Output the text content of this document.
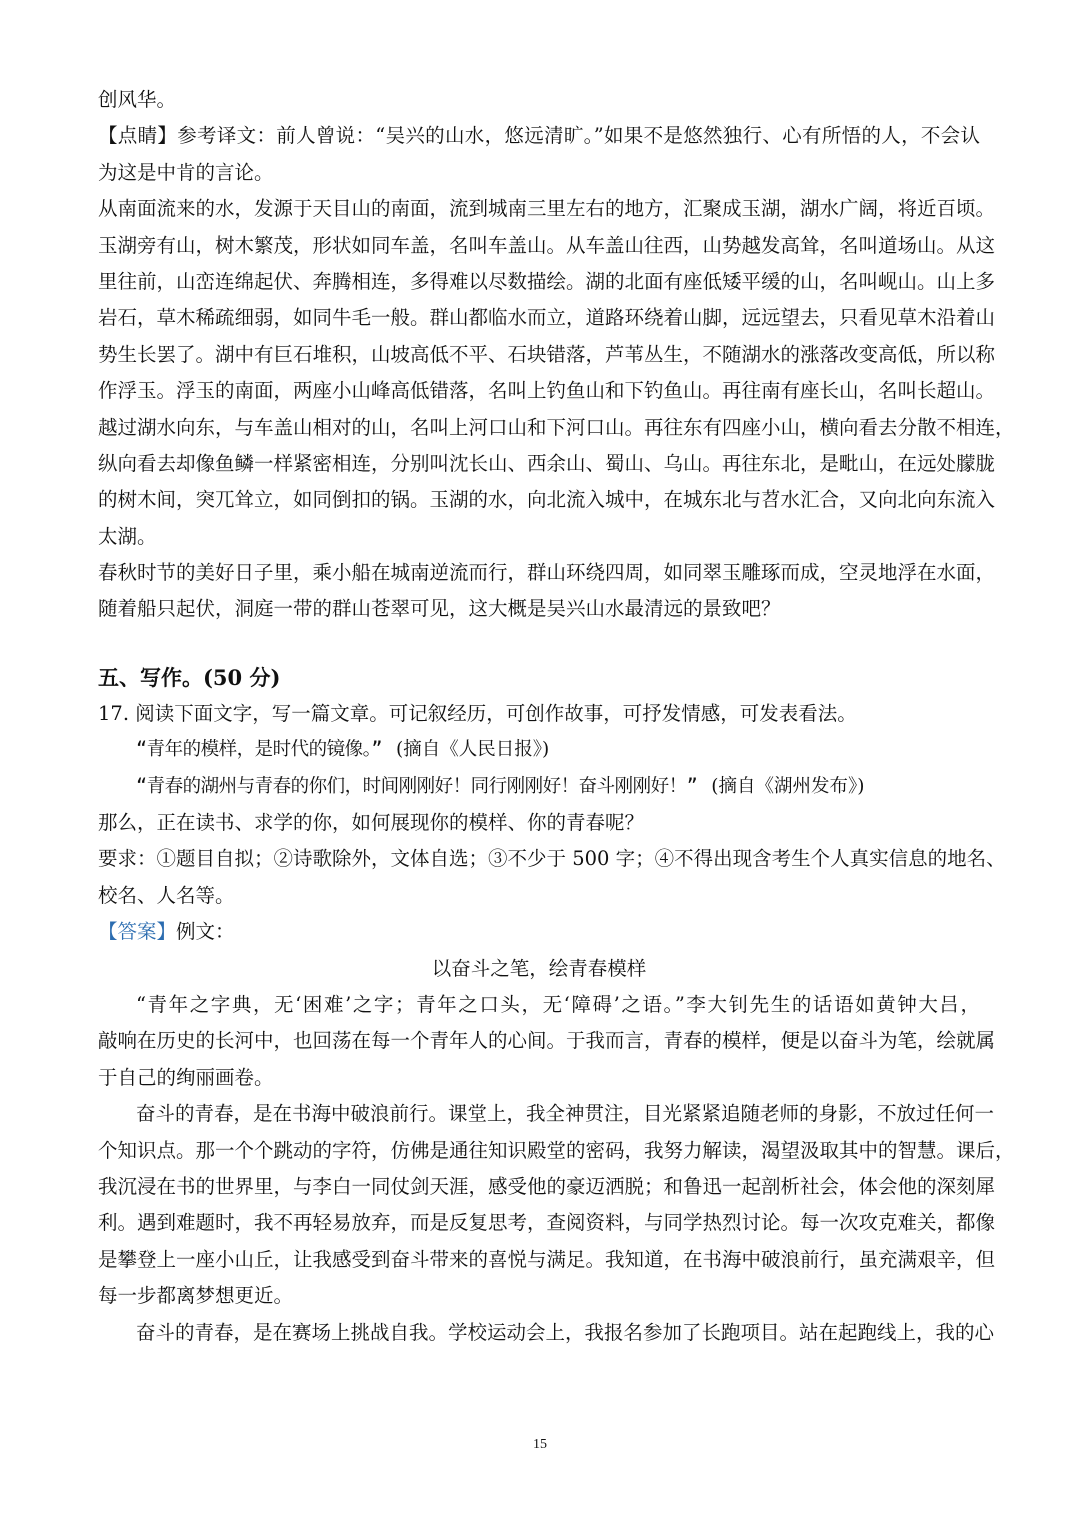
创风华。
【点睛】参考译文：前人曾说：“吴兴的山水，悠远清旷。”如果不是悠然独行、心有所悟的人，不会认
为这是中肯的言论。
从南面流来的水，发源于天目山的南面，流到城南三里左右的地方，汇聚成玉湖，湖水广阔，将近百顷。
玉湖旁有山，树木繁茂，形状如同车盖，名叫车盖山。从车盖山往西，山势越发高耸，名叫道场山。从这
里往前，山峦连绵起伏、奔腾相连，多得难以尽数描绘。湖的北面有座低矮平缓的山，名叫岘山。山上多
岩石，草木稀疏细弱，如同牛毛一般。群山都临水而立，道路环绕着山脚，远远望去，只看见草木沿着山
势生长罢了。湖中有巨石堆积，山坡高低不平、石块错落，芦苇丛生，不随湖水的涨落改变高低，所以称
作浮玉。浮玉的南面，两座小山峰高低错落，名叫上钓鱼山和下钓鱼山。再往南有座长山，名叫长超山。
越过湖水向东，与车盖山相对的山，名叫上河口山和下河口山。再往东有四座小山，横向看去分散不相连，
纵向看去却像鱼鳞一样紧密相连，分别叫沈长山、西余山、蜀山、乌山。再往东北，是毗山，在远处朦胧
的树木间，突兀耸立，如同倒扣的锅。玉湖的水，向北流入城中，在城东北与苕水汇合，又向北向东流入
太湖。
春秋时节的美好日子里，乘小船在城南逆流而行，群山环绕四周，如同翠玉雕琢而成，空灵地浮在水面，
随着船只起伏，洞庭一带的群山苍翠可见，这大概是吴兴山水最清远的景致吧？
五、写作。(50 分)
17. 阅读下面文字，写一篇文章。可记叙经历，可创作故事，可抒发情感，可发表看法。
“青年的模样，是时代的镜像。” (摘自《人民日报》)
“青春的湖州与青春的你们，时间刚刚好！同行刚刚好！奋斗刚刚好！” (摘自《湖州发布》)
那么，正在读书、求学的你，如何展现你的模样、你的青春呢？
要求：①题目自拟；②诗歌除外，文体自选；③不少于 500 字；④不得出现含考生个人真实信息的地名、
校名、人名等。
【答案】例文：
以奋斗之笔，绘青春模样
“青年之字典，无‘困难’之字；青年之口头，无‘障碍’之语。”李大钊先生的话语如黄钟大吕，
敲响在历史的长河中，也回荡在每一个青年人的心间。于我而言，青春的模样，便是以奋斗为笔，绘就属
于自己的绚丽画卷。
奋斗的青春，是在书海中破浪前行。课堂上，我全神贯注，目光紧紧追随老师的身影，不放过任何一
个知识点。那一个个跳动的字符，仿佛是通往知识殿堂的密码，我努力解读，渴望汲取其中的智慧。课后，
我沉浸在书的世界里，与李白一同仗剑天涯，感受他的豪迈洒脱；和鲁迅一起剖析社会，体会他的深刻犀
利。遇到难题时，我不再轻易放弃，而是反复思考，查阅资料，与同学热烈讨论。每一次攻克难关，都像
是攀登上一座小山丘，让我感受到奋斗带来的喜悦与满足。我知道，在书海中破浪前行，虽充满艰辛，但
每一步都离梦想更近。
奋斗的青春，是在赛场上挑战自我。学校运动会上，我报名参加了长跑项目。站在起跑线上，我的心
15
